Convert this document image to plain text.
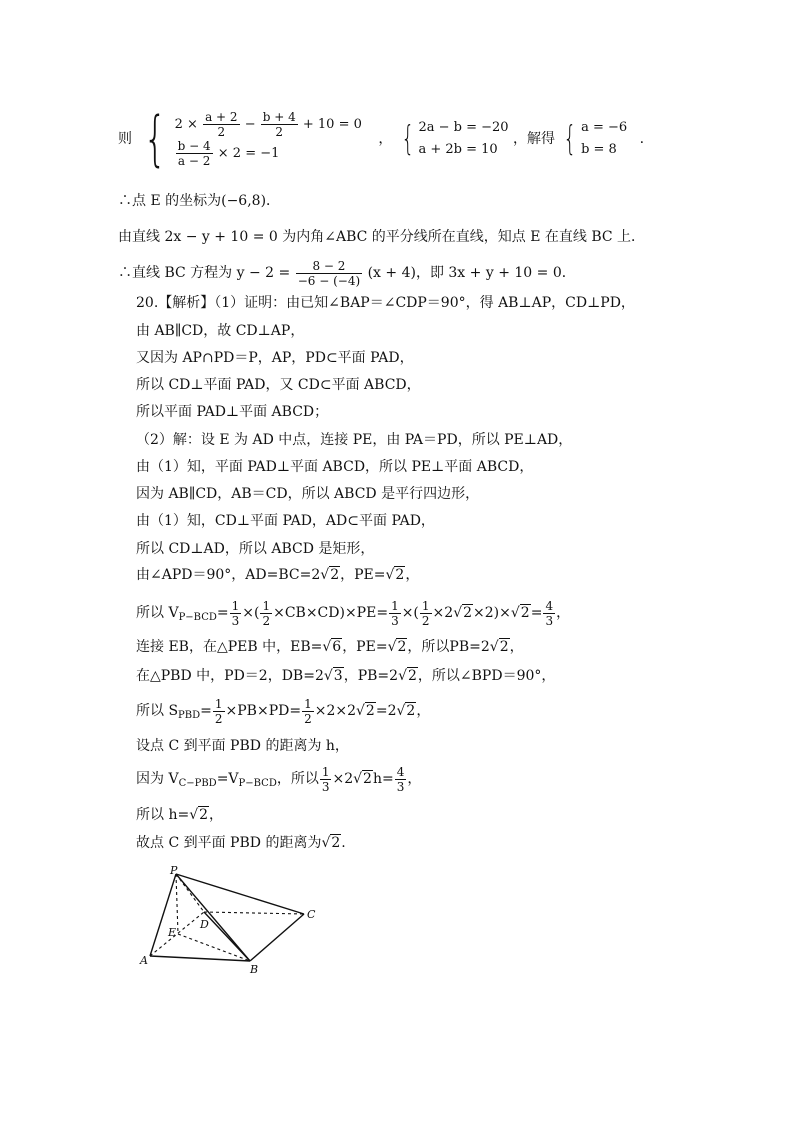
则 { $2 \times \frac{a + 2}{2} - \frac{b + 4}{2} + 10 = 0$
$\frac{b - 4}{a - 2} \times 2 = -1$
， { 2a − b = −20
a + 2b = 10
，解得 { a = −6
b = 8
.
∴点 E 的坐标为(−6,8)．
由直线 2x − y + 10 = 0 为内角∠ABC 的平分线所在直线，知点 E 在直线 BC 上．
∴直线 BC 方程为 $y - 2 = \frac{8 - 2}{-6 - (-4)} (x + 4)$，即 3x + y + 10 = 0．
20.【解析】（1）证明：由已知∠BAP＝∠CDP＝90°，得 AB⊥AP，CD⊥PD，
由 AB∥CD，故 CD⊥AP，
又因为 AP∩PD＝P，AP，PD⊂平面 PAD，
所以 CD⊥平面 PAD，又 CD⊂平面 ABCD，
所以平面 PAD⊥平面 ABCD；
（2）解：设 E 为 AD 中点，连接 PE，由 PA＝PD，所以 PE⊥AD，
由（1）知，平面 PAD⊥平面 ABCD，所以 PE⊥平面 ABCD，
因为 AB∥CD，AB＝CD，所以 ABCD 是平行四边形，
由（1）知，CD⊥平面 PAD，AD⊂平面 PAD，
所以 CD⊥AD，所以 ABCD 是矩形，
由∠APD＝90°，AD=BC=2√2，PE=√2，
所以 $V_{P-BCD}= \frac{1}{3}$ ×( $\frac{1}{2} \times CB\times CD)\times PE= \frac{1}{3}$ ×( $\frac{1}{2} \times 2√2\times 2)\times√2= \frac{4}{3}$ ，
连接 EB，在△PEB 中，EB=√6，PE=√2，所以PB=2√2，
在△PBD 中，PD＝2，DB=2√3，PB=2√2，所以∠BPD＝90°，
所以 $S_{PBD}= \frac{1}{2} \times PB\times PD= \frac{1}{2} \times 2\times 2√2=2√2$，
设点 C 到平面 PBD 的距离为 h，
因为 $V_{C-PBD}=V_{P-BCD}$，所以 $\frac{1}{3} \times 2√2h= \frac{4}{3}$ ，
所以 h=√2，
故点 C 到平面 PBD 的距离为√2.
P
A
B
C
D
E
